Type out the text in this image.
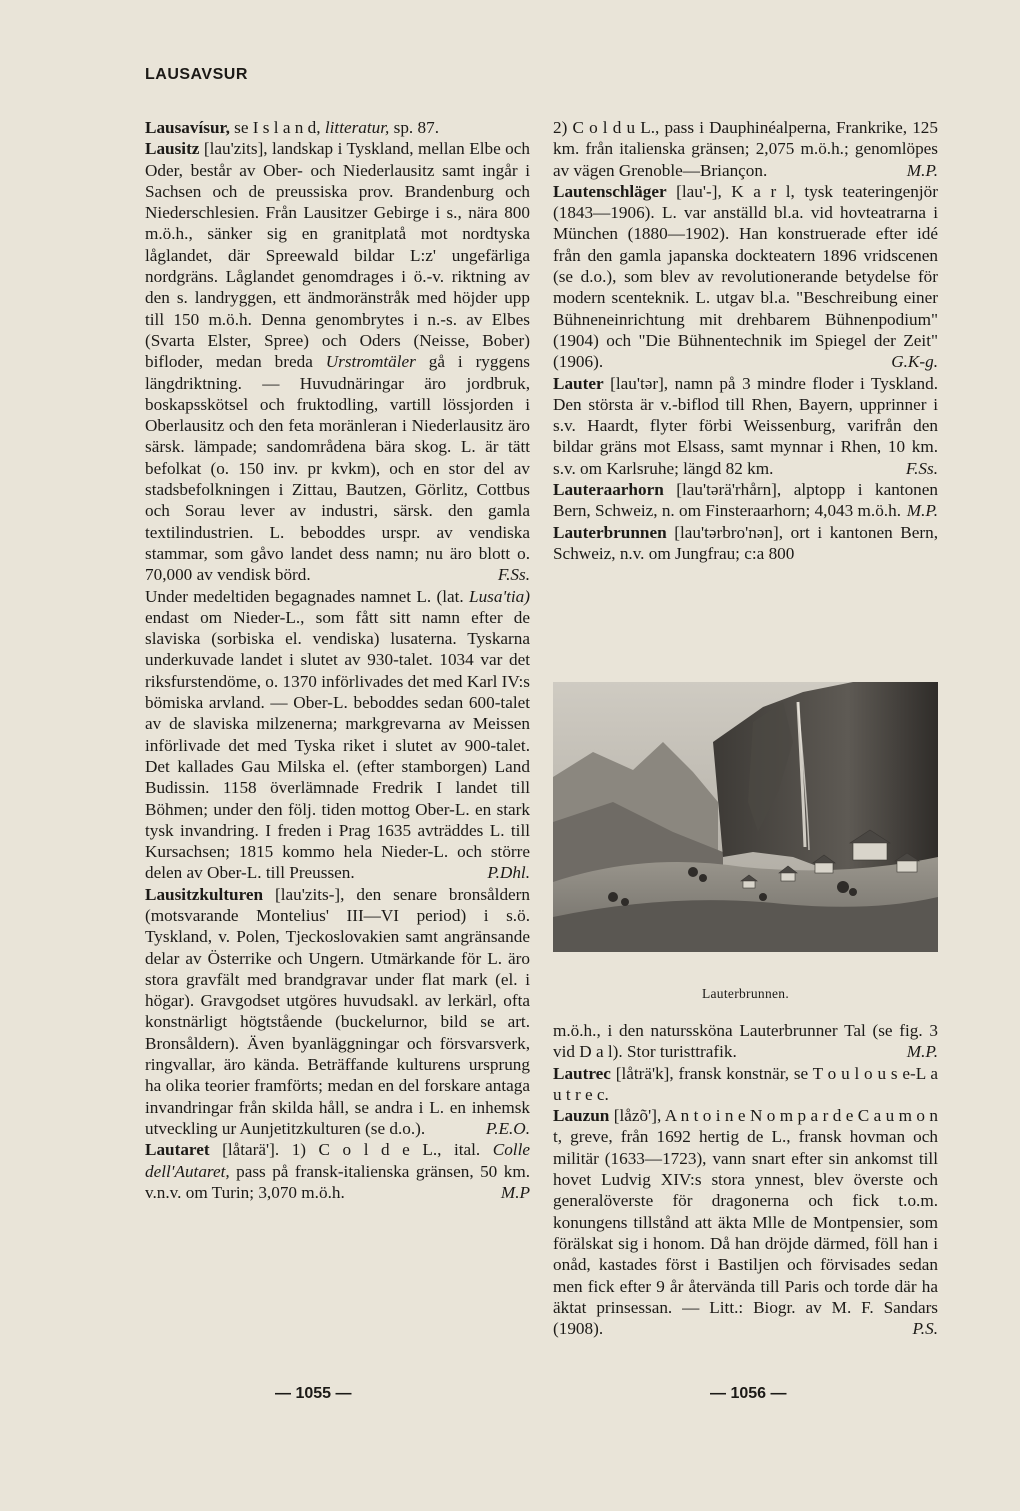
LAUSAVSUR

Lausavísur, se I s l a n d, litteratur, sp. 87.

Lausitz [lau'zits], landskap i Tyskland, mellan Elbe och Oder, består av Ober- och Niederlausitz samt ingår i Sachsen och de preussiska prov. Brandenburg och Niederschlesien. Från Lausitzer Gebirge i s., nära 800 m.ö.h., sänker sig en granitplatå mot nordtyska låglandet, där Spreewald bildar L:z' ungefärliga nordgräns. Låglandet genomdrages i ö.-v. riktning av den s. landryggen, ett ändmoränstråk med höjder upp till 150 m.ö.h. Denna genombrytes i n.-s. av Elbes (Svarta Elster, Spree) och Oders (Neisse, Bober) bifloder, medan breda Urstromtäler gå i ryggens längdriktning. — Huvudnäringar äro jordbruk, boskapsskötsel och fruktodling, vartill lössjorden i Oberlausitz och den feta moränleran i Niederlausitz äro särsk. lämpade; sandområdena bära skog. L. är tätt befolkat (o. 150 inv. pr kvkm), och en stor del av stadsbefolkningen i Zittau, Bautzen, Görlitz, Cottbus och Sorau lever av industri, särsk. den gamla textilindustrien. L. beboddes urspr. av vendiska stammar, som gåvo landet dess namn; nu äro blott o. 70,000 av vendisk börd.	F.Ss.

Under medeltiden begagnades namnet L. (lat. Lusa'tia) endast om Nieder-L., som fått sitt namn efter de slaviska (sorbiska el. vendiska) lusaterna. Tyskarna underkuvade landet i slutet av 930-talet. 1034 var det riksfurstendöme, o. 1370 införlivades det med Karl IV:s bömiska arvland. — Ober-L. beboddes sedan 600-talet av de slaviska milzenerna; markgrevarna av Meissen införlivade det med Tyska riket i slutet av 900-talet. Det kallades Gau Milska el. (efter stamborgen) Land Budissin. 1158 överlämnade Fredrik I landet till Böhmen; under den följ. tiden mottog Ober-L. en stark tysk invandring. I freden i Prag 1635 avträddes L. till Kursachsen; 1815 kommo hela Nieder-L. och större delen av Ober-L. till Preussen.	P.Dhl.

Lausitzkulturen [lau'zits-], den senare bronsåldern (motsvarande Montelius' III—VI period) i s.ö. Tyskland, v. Polen, Tjeckoslovakien samt angränsande delar av Österrike och Ungern. Utmärkande för L. äro stora gravfält med brandgravar under flat mark (el. i högar). Gravgodset utgöres huvudsakl. av lerkärl, ofta konstnärligt högtstående (buckelurnor, bild se art. Bronsåldern). Även byanläggningar och försvarsverk, ringvallar, äro kända. Beträffande kulturens ursprung ha olika teorier framförts; medan en del forskare antaga invandringar från skilda håll, se andra i L. en inhemsk utveckling ur Aunjetitzkulturen (se d.o.).	P.E.O.

Lautaret [låtarä']. 1) C o l d e L., ital. Colle dell'Autaret, pass på fransk-italienska gränsen, 50 km. v.n.v. om Turin; 3,070 m.ö.h.	M.P

2) C o l d u L., pass i Dauphinéalperna, Frankrike, 125 km. från italienska gränsen; 2,075 m.ö.h.; genomlöpes av vägen Grenoble—Briançon.	M.P.

Lautenschläger [lau'-], K a r l, tysk teateringenjör (1843—1906). L. var anställd bl.a. vid hovteatrarna i München (1880—1902). Han konstruerade efter idé från den gamla japanska dockteatern 1896 vridscenen (se d.o.), som blev av revolutionerande betydelse för modern scenteknik. L. utgav bl.a. "Beschreibung einer Bühneneinrichtung mit drehbarem Bühnenpodium" (1904) och "Die Bühnentechnik im Spiegel der Zeit" (1906).	G.K-g.

Lauter [lau'tər], namn på 3 mindre floder i Tyskland. Den största är v.-biflod till Rhen, Bayern, upprinner i s.v. Haardt, flyter förbi Weissenburg, varifrån den bildar gräns mot Elsass, samt mynnar i Rhen, 10 km. s.v. om Karlsruhe; längd 82 km.	F.Ss.

Lauteraarhorn [lau'tərä'rhårn], alptopp i kantonen Bern, Schweiz, n. om Finsteraarhorn; 4,043 m.ö.h. M.P.

Lauterbrunnen [lau'tərbro'nən], ort i kantonen Bern, Schweiz, n.v. om Jungfrau; c:a 800

Lauterbrunnen.

m.ö.h., i den naturssköna Lauterbrunner Tal (se fig. 3 vid D a l). Stor turisttrafik.	M.P.

Lautrec [låträ'k], fransk konstnär, se T o u l o u s e-L a u t r e c.

Lauzun [låzõ'], A n t o i n e N o m p a r d e C a u m o n t, greve, från 1692 hertig de L., fransk hovman och militär (1633—1723), vann snart efter sin ankomst till hovet Ludvig XIV:s stora ynnest, blev överste och generalöverste för dragonerna och fick t.o.m. konungens tillstånd att äkta Mlle de Montpensier, som förälskat sig i honom. Då han dröjde därmed, föll han i onåd, kastades först i Bastiljen och förvisades sedan men fick efter 9 år återvända till Paris och torde där ha äktat prinsessan. — Litt.: Biogr. av M. F. Sandars (1908).	P.S.

— 1055 —	— 1056 —
